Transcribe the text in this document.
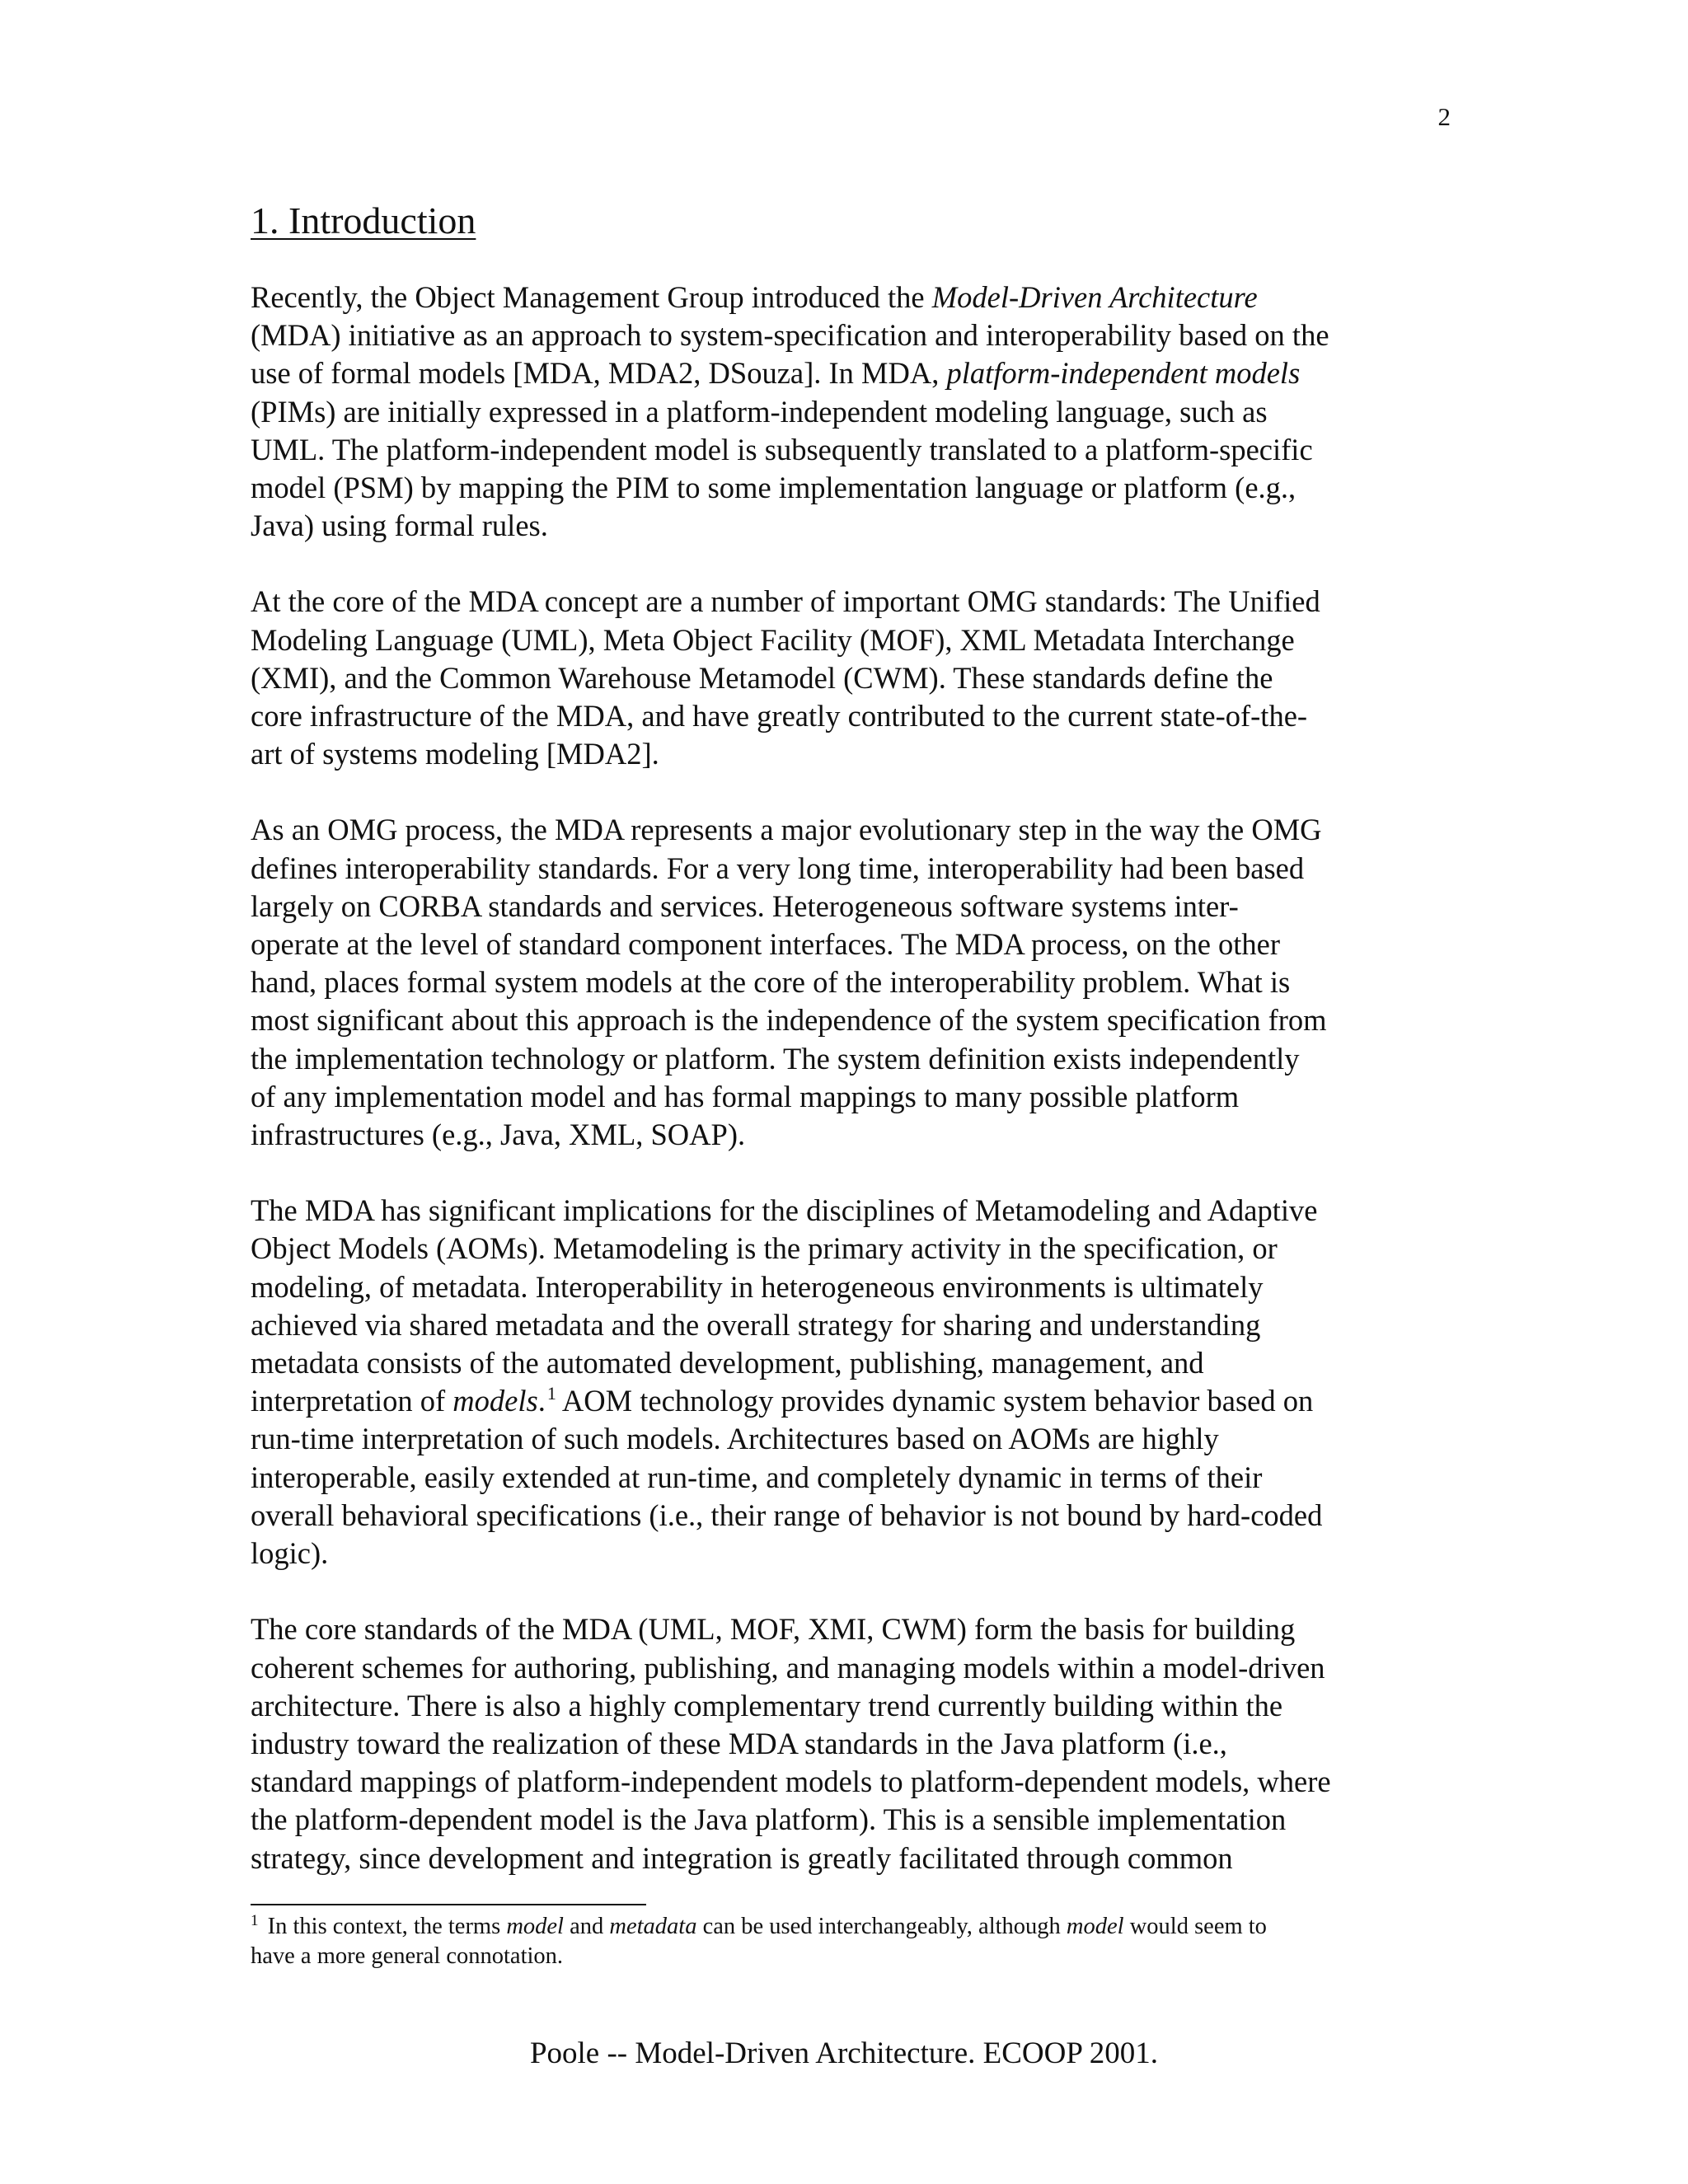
2
1. Introduction

Recently, the Object Management Group introduced the Model-Driven Architecture
(MDA) initiative as an approach to system-specification and interoperability based on the
use of formal models [MDA, MDA2, DSouza]. In MDA, platform-independent models
(PIMs) are initially expressed in a platform-independent modeling language, such as
UML. The platform-independent model is subsequently translated to a platform-specific
model (PSM) by mapping the PIM to some implementation language or platform (e.g.,
Java) using formal rules.

At the core of the MDA concept are a number of important OMG standards: The Unified
Modeling Language (UML), Meta Object Facility (MOF), XML Metadata Interchange
(XMI), and the Common Warehouse Metamodel (CWM). These standards define the
core infrastructure of the MDA, and have greatly contributed to the current state-of-the-
art of systems modeling [MDA2].

As an OMG process, the MDA represents a major evolutionary step in the way the OMG
defines interoperability standards. For a very long time, interoperability had been based
largely on CORBA standards and services. Heterogeneous software systems inter-
operate at the level of standard component interfaces. The MDA process, on the other
hand, places formal system models at the core of the interoperability problem. What is
most significant about this approach is the independence of the system specification from
the implementation technology or platform. The system definition exists independently
of any implementation model and has formal mappings to many possible platform
infrastructures (e.g., Java, XML, SOAP).

The MDA has significant implications for the disciplines of Metamodeling and Adaptive
Object Models (AOMs). Metamodeling is the primary activity in the specification, or
modeling, of metadata. Interoperability in heterogeneous environments is ultimately
achieved via shared metadata and the overall strategy for sharing and understanding
metadata consists of the automated development, publishing, management, and
interpretation of models.$^1$ AOM technology provides dynamic system behavior based on
run-time interpretation of such models. Architectures based on AOMs are highly
interoperable, easily extended at run-time, and completely dynamic in terms of their
overall behavioral specifications (i.e., their range of behavior is not bound by hard-coded
logic).

The core standards of the MDA (UML, MOF, XMI, CWM) form the basis for building
coherent schemes for authoring, publishing, and managing models within a model-driven
architecture. There is also a highly complementary trend currently building within the
industry toward the realization of these MDA standards in the Java platform (i.e.,
standard mappings of platform-independent models to platform-dependent models, where
the platform-dependent model is the Java platform). This is a sensible implementation
strategy, since development and integration is greatly facilitated through common

$^1$ In this context, the terms model and metadata can be used interchangeably, although model would seem to
have a more general connotation.
Poole -- Model-Driven Architecture. ECOOP 2001.
